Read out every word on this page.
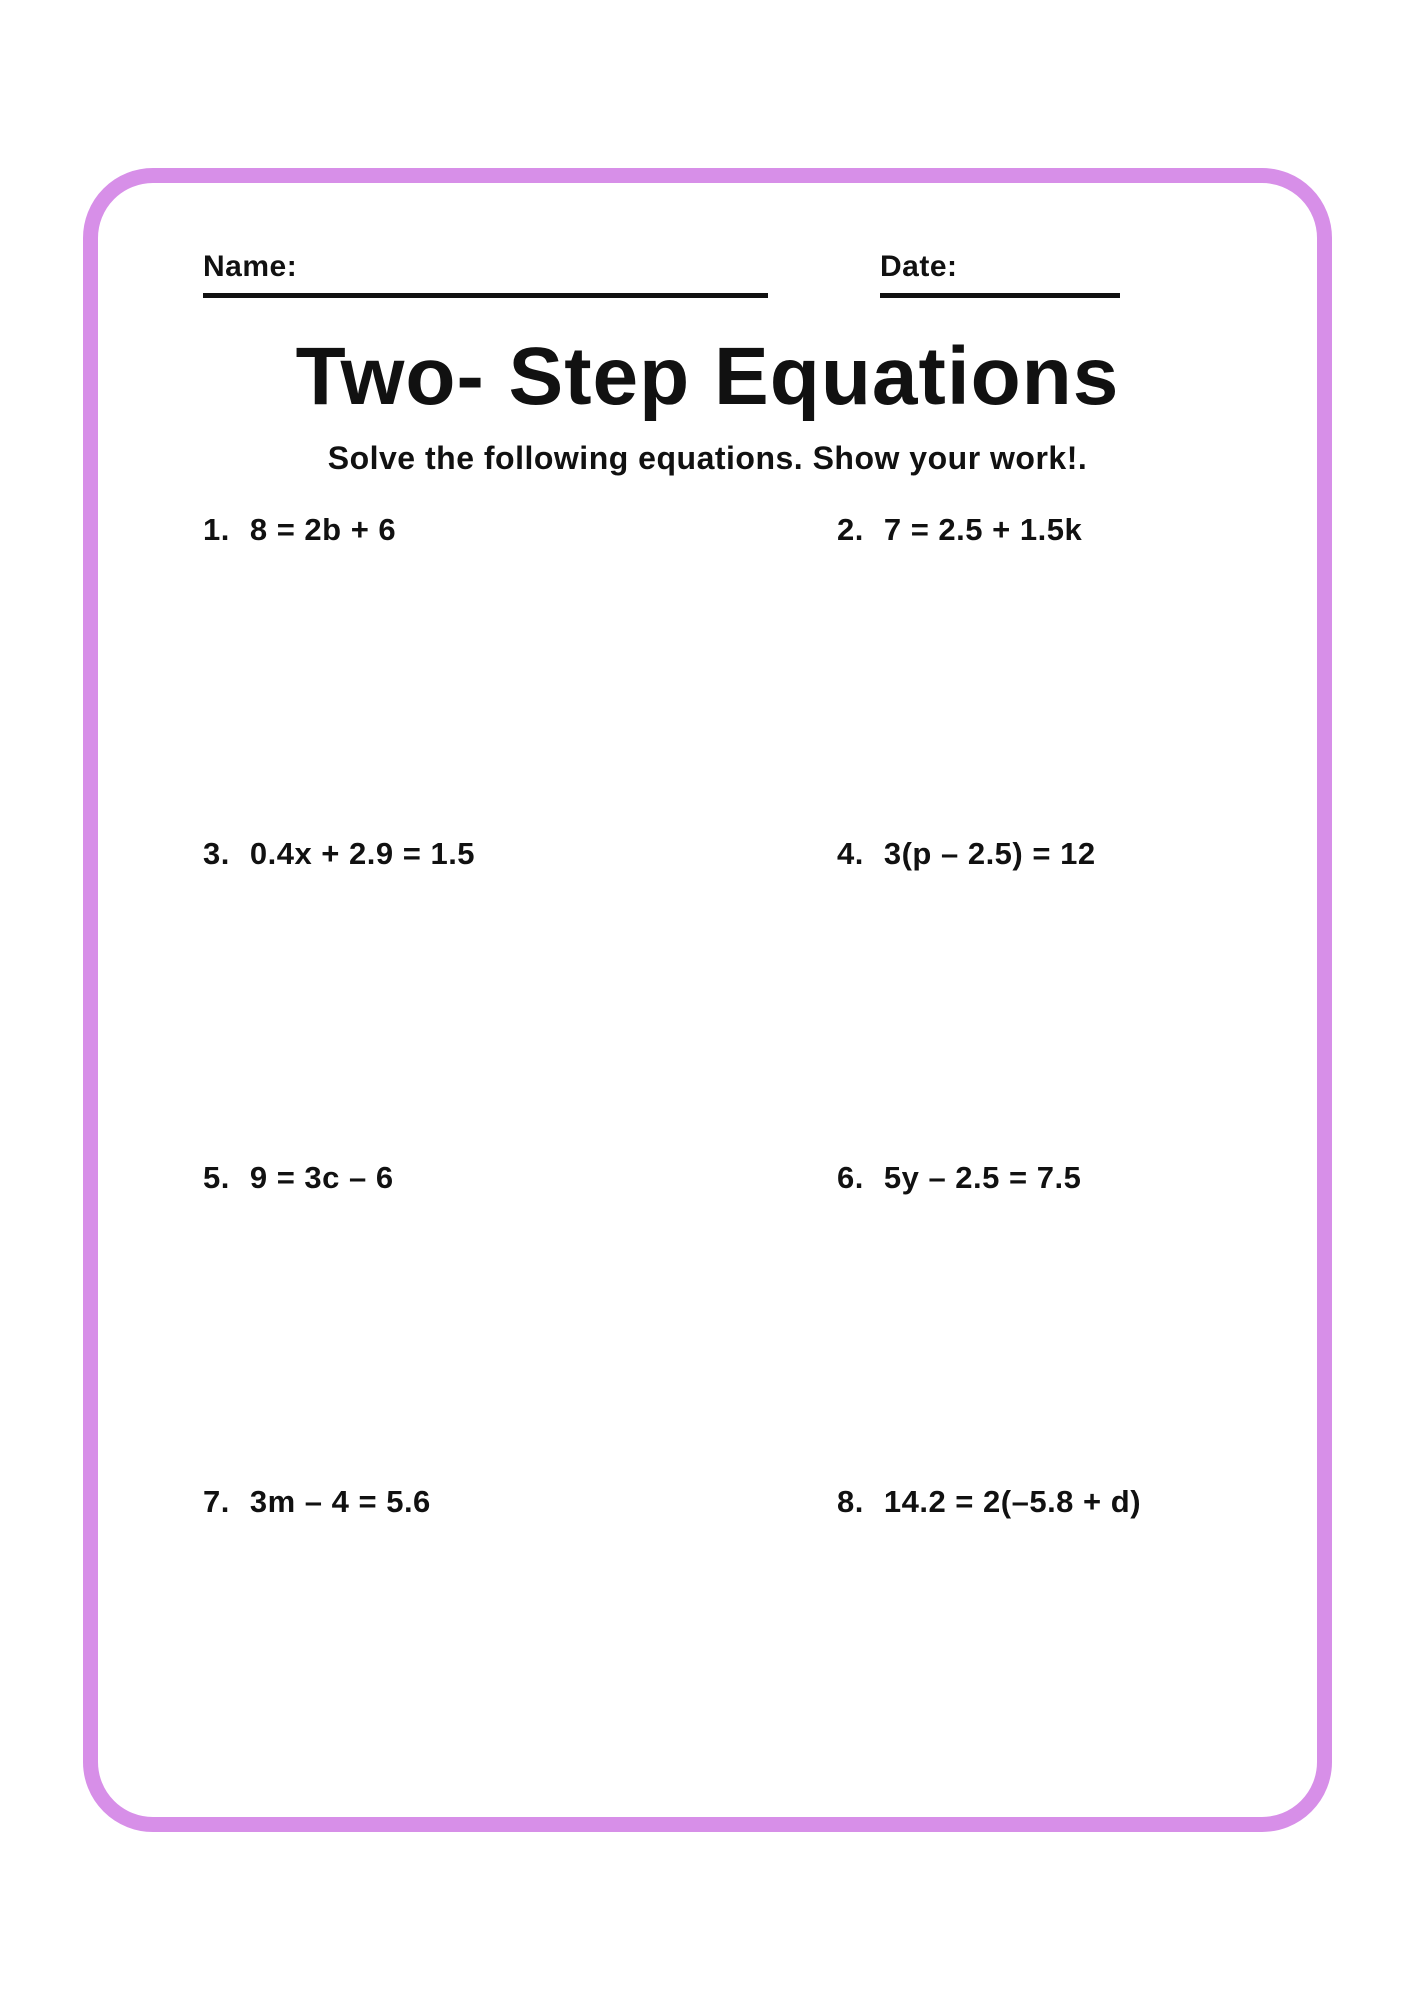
Name:	Date:
Two- Step Equations
Solve the following equations. Show your work!.
1. 8 = 2b + 6	2. 7 = 2.5 + 1.5k
3. 0.4x + 2.9 = 1.5	4. 3(p – 2.5) = 12
5. 9 = 3c – 6	6. 5y – 2.5 = 7.5
7. 3m – 4 = 5.6	8. 14.2 = 2(–5.8 + d)
